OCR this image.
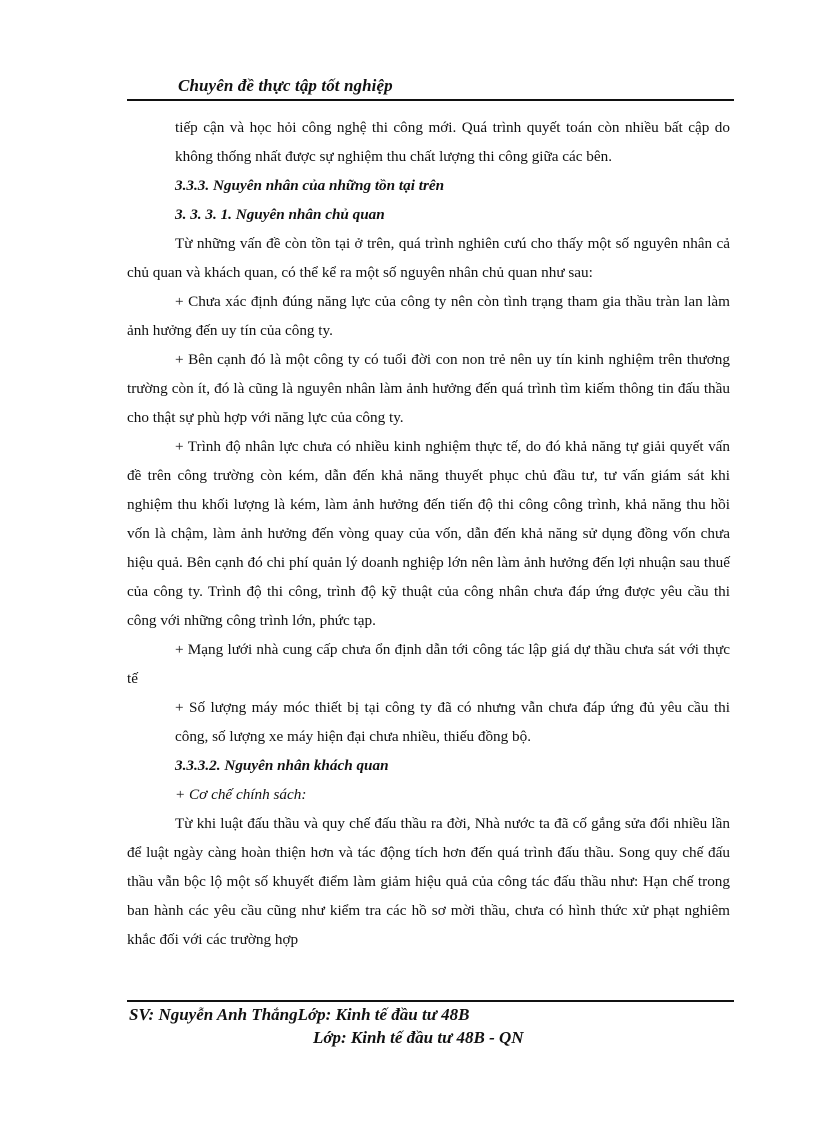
Chuyên đề thực tập tốt nghiệp

tiếp cận và học hỏi công nghệ thi công mới. Quá trình quyết toán còn nhiều bất cập do không thống nhất được sự nghiệm thu chất lượng thi công giữa các bên.

3.3.3. Nguyên nhân của những tồn tại trên

3. 3. 3. 1. Nguyên nhân chủ quan

Từ những vấn đề còn tồn tại ở trên, quá trình nghiên cưú cho thấy một số nguyên nhân cả chủ quan và khách quan, có thể kể ra một số nguyên nhân chủ quan như sau:

+ Chưa xác định đúng năng lực của công ty nên còn tình trạng tham gia thầu tràn lan làm ảnh hưởng đến uy tín của công ty.

+ Bên cạnh đó là một công ty có tuổi đời con non trẻ nên uy tín kinh nghiệm trên thương trường còn ít, đó là cũng là nguyên nhân làm ảnh hưởng đến quá trình tìm kiếm thông tin đấu thầu cho thật sự phù hợp với năng lực của công ty.

+ Trình độ nhân lực chưa có nhiều kinh nghiệm thực tế, do đó khả năng tự giải quyết vấn đề trên công trường còn kém, dẫn đến khả năng thuyết phục chủ đầu tư, tư vấn giám sát khi nghiệm thu khối lượng là kém, làm ảnh hưởng đến tiến độ thi công công trình, khả năng thu hồi vốn là chậm, làm ảnh hưởng đến vòng quay của vốn, dẫn đến khả năng sử dụng đồng vốn chưa hiệu quả. Bên cạnh đó chi phí quản lý doanh nghiệp lớn nên làm ảnh hưởng đến lợi nhuận sau thuế của công ty. Trình độ thi công, trình độ kỹ thuật của công nhân chưa đáp ứng được yêu cầu thi công với những công trình lớn, phức tạp.

+ Mạng lưới nhà cung cấp chưa ổn định dẫn tới công tác lập giá dự thầu chưa sát với thực tế

+ Số lượng máy móc thiết bị tại công ty đã có nhưng vẫn chưa đáp ứng đủ yêu cầu thi công, số lượng xe máy hiện đại chưa nhiều, thiếu đồng bộ.

3.3.3.2. Nguyên nhân khách quan

+ Cơ chế chính sách:

Từ khi luật đấu thầu và quy chế đấu thầu ra đời, Nhà nước ta đã cố gắng sửa đổi nhiều lần để luật ngày càng hoàn thiện hơn và tác động tích hơn đến quá trình đấu thầu. Song quy chế đấu thầu vẫn bộc lộ một số khuyết điểm làm giảm hiệu quả của công tác đấu thầu như: Hạn chế trong ban hành các yêu cầu cũng như kiểm tra các hồ sơ mời thầu, chưa có hình thức xử phạt nghiêm khắc đối với các trường hợp

SV: Nguyễn Anh ThắngLớp: Kinh tế đầu tư 48B
Lớp: Kinh tế đầu tư 48B - QN
